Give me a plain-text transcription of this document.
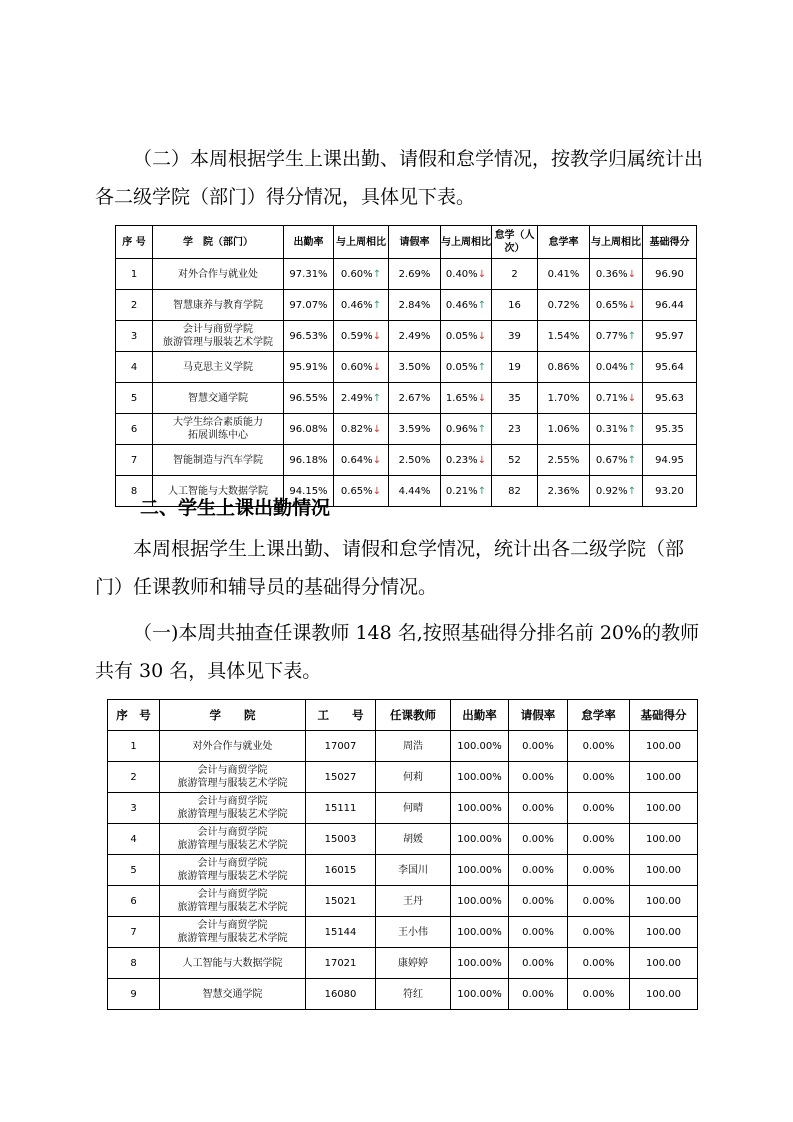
（二）本周根据学生上课出勤、请假和怠学情况，按教学归属统计出各二级学院（部门）得分情况，具体见下表。

序 号	学　院（部门）	出勤率	与上周相比	请假率	与上周相比	怠学（人次）	怠学率	与上周相比	基础得分
1	对外合作与就业处	97.31%	0.60%↑	2.69%	0.40%↓	2	0.41%	0.36%↓	96.90
2	智慧康养与教育学院	97.07%	0.46%↑	2.84%	0.46%↑	16	0.72%	0.65%↓	96.44
3	会计与商贸学院
旅游管理与服装艺术学院	96.53%	0.59%↓	2.49%	0.05%↓	39	1.54%	0.77%↑	95.97
4	马克思主义学院	95.91%	0.60%↓	3.50%	0.05%↑	19	0.86%	0.04%↑	95.64
5	智慧交通学院	96.55%	2.49%↑	2.67%	1.65%↓	35	1.70%	0.71%↓	95.63
6	大学生综合素质能力
拓展训练中心	96.08%	0.82%↓	3.59%	0.96%↑	23	1.06%	0.31%↑	95.35
7	智能制造与汽车学院	96.18%	0.64%↓	2.50%	0.23%↓	52	2.55%	0.67%↑	94.95
8	人工智能与大数据学院	94.15%	0.65%↓	4.44%	0.21%↑	82	2.36%	0.92%↑	93.20

二、学生上课出勤情况

本周根据学生上课出勤、请假和怠学情况，统计出各二级学院（部门）任课教师和辅导员的基础得分情况。

（一)本周共抽查任课教师 148 名,按照基础得分排名前 20%的教师共有 30 名，具体见下表。

序　号	学　　院	工　　号	任课教师	出勤率	请假率	怠学率	基础得分
1	对外合作与就业处	17007	周浩	100.00%	0.00%	0.00%	100.00
2	会计与商贸学院
旅游管理与服装艺术学院	15027	何莉	100.00%	0.00%	0.00%	100.00
3	会计与商贸学院
旅游管理与服装艺术学院	15111	何晴	100.00%	0.00%	0.00%	100.00
4	会计与商贸学院
旅游管理与服装艺术学院	15003	胡媛	100.00%	0.00%	0.00%	100.00
5	会计与商贸学院
旅游管理与服装艺术学院	16015	李国川	100.00%	0.00%	0.00%	100.00
6	会计与商贸学院
旅游管理与服装艺术学院	15021	王丹	100.00%	0.00%	0.00%	100.00
7	会计与商贸学院
旅游管理与服装艺术学院	15144	王小伟	100.00%	0.00%	0.00%	100.00
8	人工智能与大数据学院	17021	康婷婷	100.00%	0.00%	0.00%	100.00
9	智慧交通学院	16080	符红	100.00%	0.00%	0.00%	100.00
